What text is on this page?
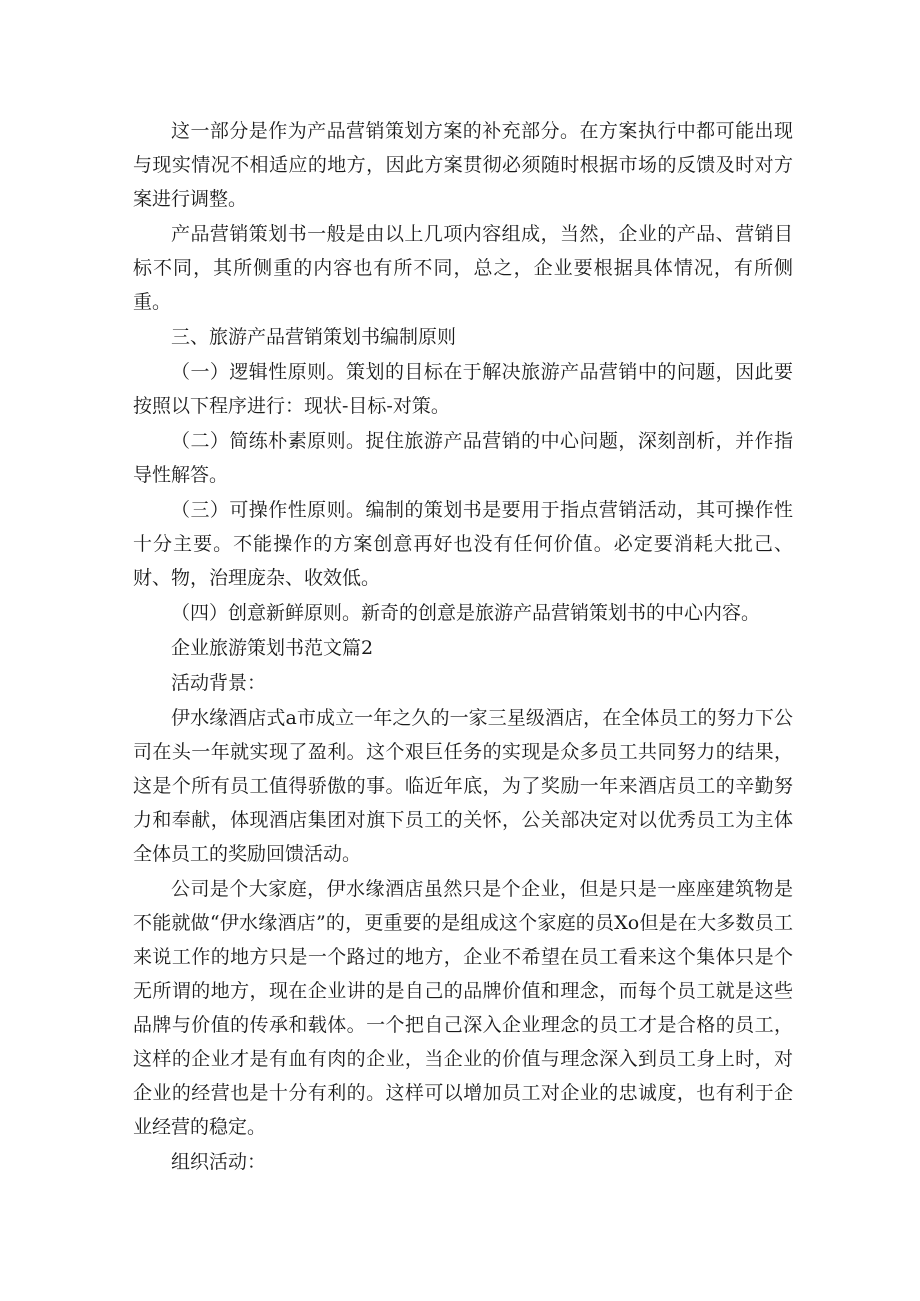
这一部分是作为产品营销策划方案的补充部分。在方案执行中都可能出现与现实情况不相适应的地方，因此方案贯彻必须随时根据市场的反馈及时对方案进行调整。

产品营销策划书一般是由以上几项内容组成，当然，企业的产品、营销目标不同，其所侧重的内容也有所不同，总之，企业要根据具体情况，有所侧重。

三、旅游产品营销策划书编制原则

（一）逻辑性原则。策划的目标在于解决旅游产品营销中的问题，因此要按照以下程序进行：现状-目标-对策。

（二）简练朴素原则。捉住旅游产品营销的中心问题，深刻剖析，并作指导性解答。

（三）可操作性原则。编制的策划书是要用于指点营销活动，其可操作性十分主要。不能操作的方案创意再好也没有任何价值。必定要消耗大批己、财、物，治理庞杂、收效低。

（四）创意新鲜原则。新奇的创意是旅游产品营销策划书的中心内容。

企业旅游策划书范文篇2

活动背景：

伊水缘酒店式a市成立一年之久的一家三星级酒店，在全体员工的努力下公司在头一年就实现了盈利。这个艰巨任务的实现是众多员工共同努力的结果，这是个所有员工值得骄傲的事。临近年底，为了奖励一年来酒店员工的辛勤努力和奉献，体现酒店集团对旗下员工的关怀，公关部决定对以优秀员工为主体全体员工的奖励回馈活动。

公司是个大家庭，伊水缘酒店虽然只是个企业，但是只是一座座建筑物是不能就做“伊水缘酒店”的，更重要的是组成这个家庭的员Xo但是在大多数员工来说工作的地方只是一个路过的地方，企业不希望在员工看来这个集体只是个无所谓的地方，现在企业讲的是自己的品牌价值和理念，而每个员工就是这些品牌与价值的传承和载体。一个把自己深入企业理念的员工才是合格的员工，这样的企业才是有血有肉的企业，当企业的价值与理念深入到员工身上时，对企业的经营也是十分有利的。这样可以增加员工对企业的忠诚度，也有利于企业经营的稳定。

组织活动：
